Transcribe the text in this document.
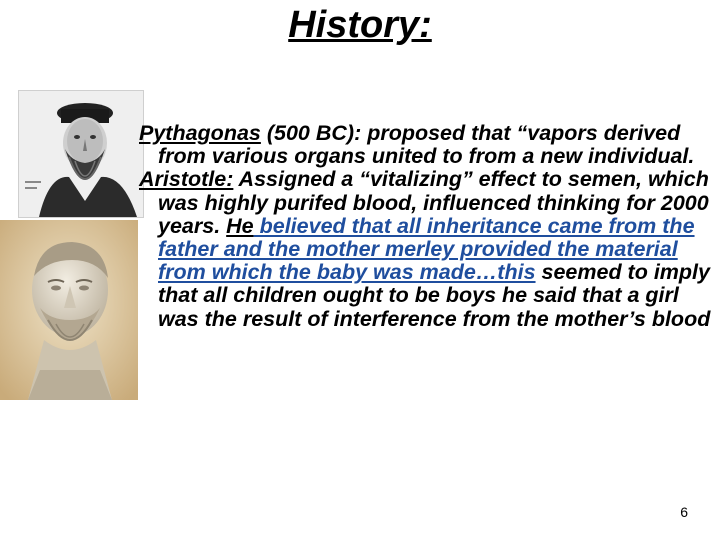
History:

Pythagonas (500 BC): proposed that “vapors derived from various organs united to from a new individual.

Aristotle: Assigned a “vitalizing” effect to semen, which was highly purifed blood, influenced thinking for 2000 years. He believed that all inheritance came from the father and the mother merley provided the material from which the baby was made…this seemed to imply that all children ought to be boys he said that a girl was the result of interference from the mother’s blood

6
